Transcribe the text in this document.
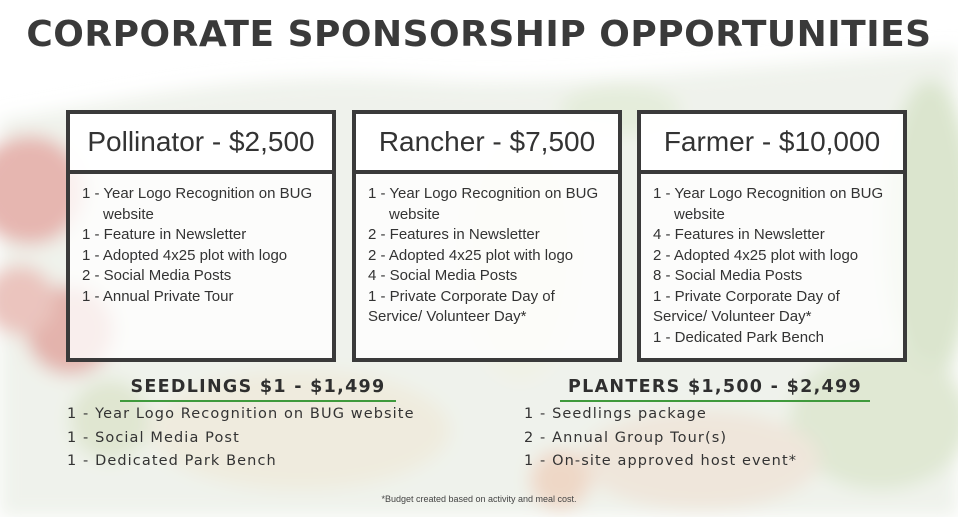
CORPORATE SPONSORSHIP OPPORTUNITIES
Pollinator - $2,500
1 - Year Logo Recognition on BUG website
1 - Feature in Newsletter
1 - Adopted 4x25 plot with logo
2 - Social Media Posts
1 - Annual Private Tour
Rancher - $7,500
1 - Year Logo Recognition on BUG website
2 - Features in Newsletter
2 - Adopted 4x25 plot with logo
4 - Social Media Posts
1 - Private Corporate Day of Service/ Volunteer Day*
Farmer - $10,000
1 - Year Logo Recognition on BUG website
4 - Features in Newsletter
2 - Adopted 4x25 plot with logo
8 - Social Media Posts
1 - Private Corporate Day of Service/ Volunteer Day*
1 - Dedicated Park Bench
SEEDLINGS $1 - $1,499
1 - Year Logo Recognition on BUG website
1 - Social Media Post
1 - Dedicated Park Bench
PLANTERS $1,500 - $2,499
1 - Seedlings package
2 - Annual Group Tour(s)
1 - On-site approved host event*
*Budget created based on activity and meal cost.
